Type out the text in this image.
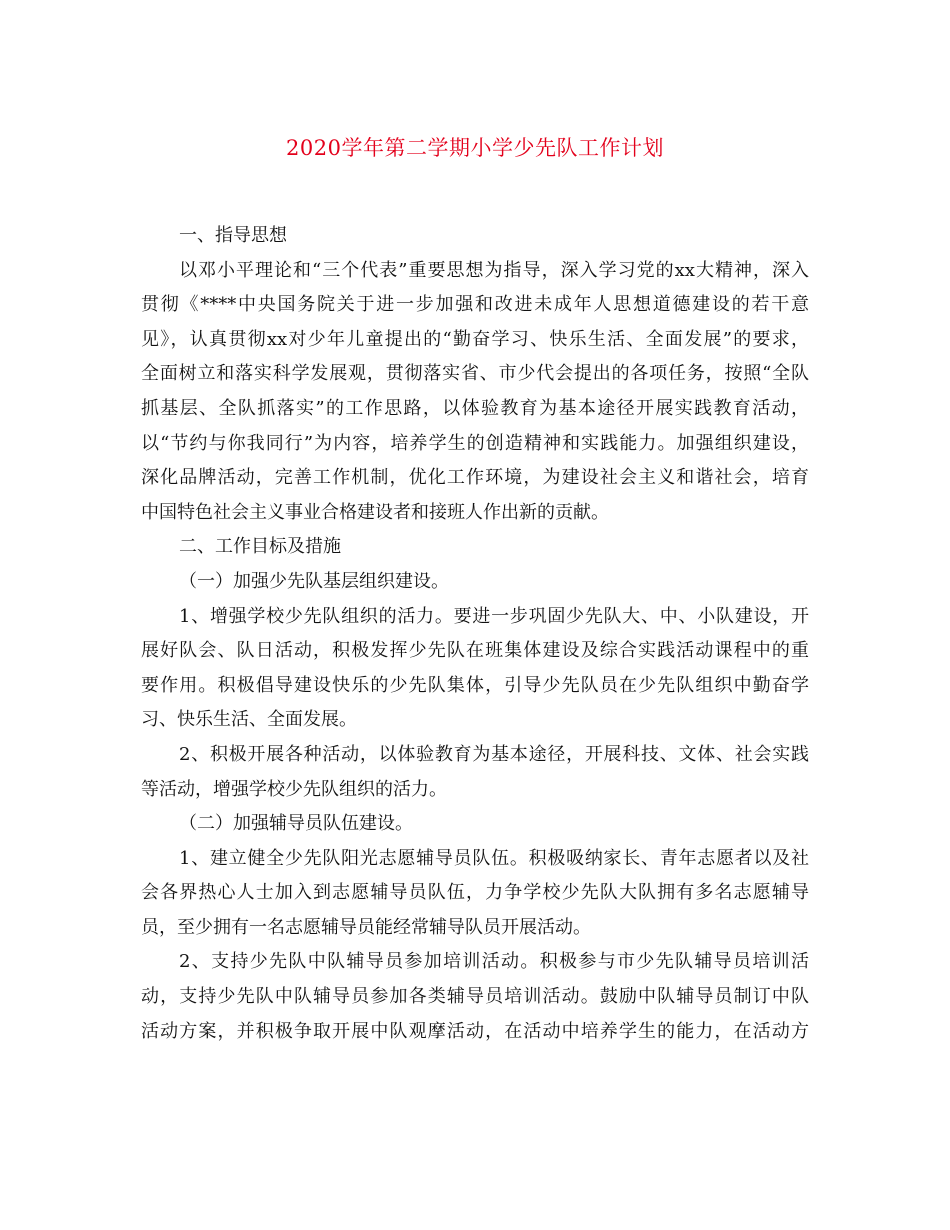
2020学年第二学期小学少先队工作计划
一、指导思想
以邓小平理论和“三个代表”重要思想为指导，深入学习党的xx大精神，深入
贯彻《****中央国务院关于进一步加强和改进未成年人思想道德建设的若干意
见》，认真贯彻xx对少年儿童提出的“勤奋学习、快乐生活、全面发展”的要求，
全面树立和落实科学发展观，贯彻落实省、市少代会提出的各项任务，按照“全队
抓基层、全队抓落实”的工作思路，以体验教育为基本途径开展实践教育活动，
以“节约与你我同行”为内容，培养学生的创造精神和实践能力。加强组织建设，
深化品牌活动，完善工作机制，优化工作环境，为建设社会主义和谐社会，培育
中国特色社会主义事业合格建设者和接班人作出新的贡献。
二、工作目标及措施
（一）加强少先队基层组织建设。
1、增强学校少先队组织的活力。要进一步巩固少先队大、中、小队建设，开
展好队会、队日活动，积极发挥少先队在班集体建设及综合实践活动课程中的重
要作用。积极倡导建设快乐的少先队集体，引导少先队员在少先队组织中勤奋学
习、快乐生活、全面发展。
2、积极开展各种活动，以体验教育为基本途径，开展科技、文体、社会实践
等活动，增强学校少先队组织的活力。
（二）加强辅导员队伍建设。
1、建立健全少先队阳光志愿辅导员队伍。积极吸纳家长、青年志愿者以及社
会各界热心人士加入到志愿辅导员队伍，力争学校少先队大队拥有多名志愿辅导
员，至少拥有一名志愿辅导员能经常辅导队员开展活动。
2、支持少先队中队辅导员参加培训活动。积极参与市少先队辅导员培训活
动，支持少先队中队辅导员参加各类辅导员培训活动。鼓励中队辅导员制订中队
活动方案，并积极争取开展中队观摩活动，在活动中培养学生的能力，在活动方
